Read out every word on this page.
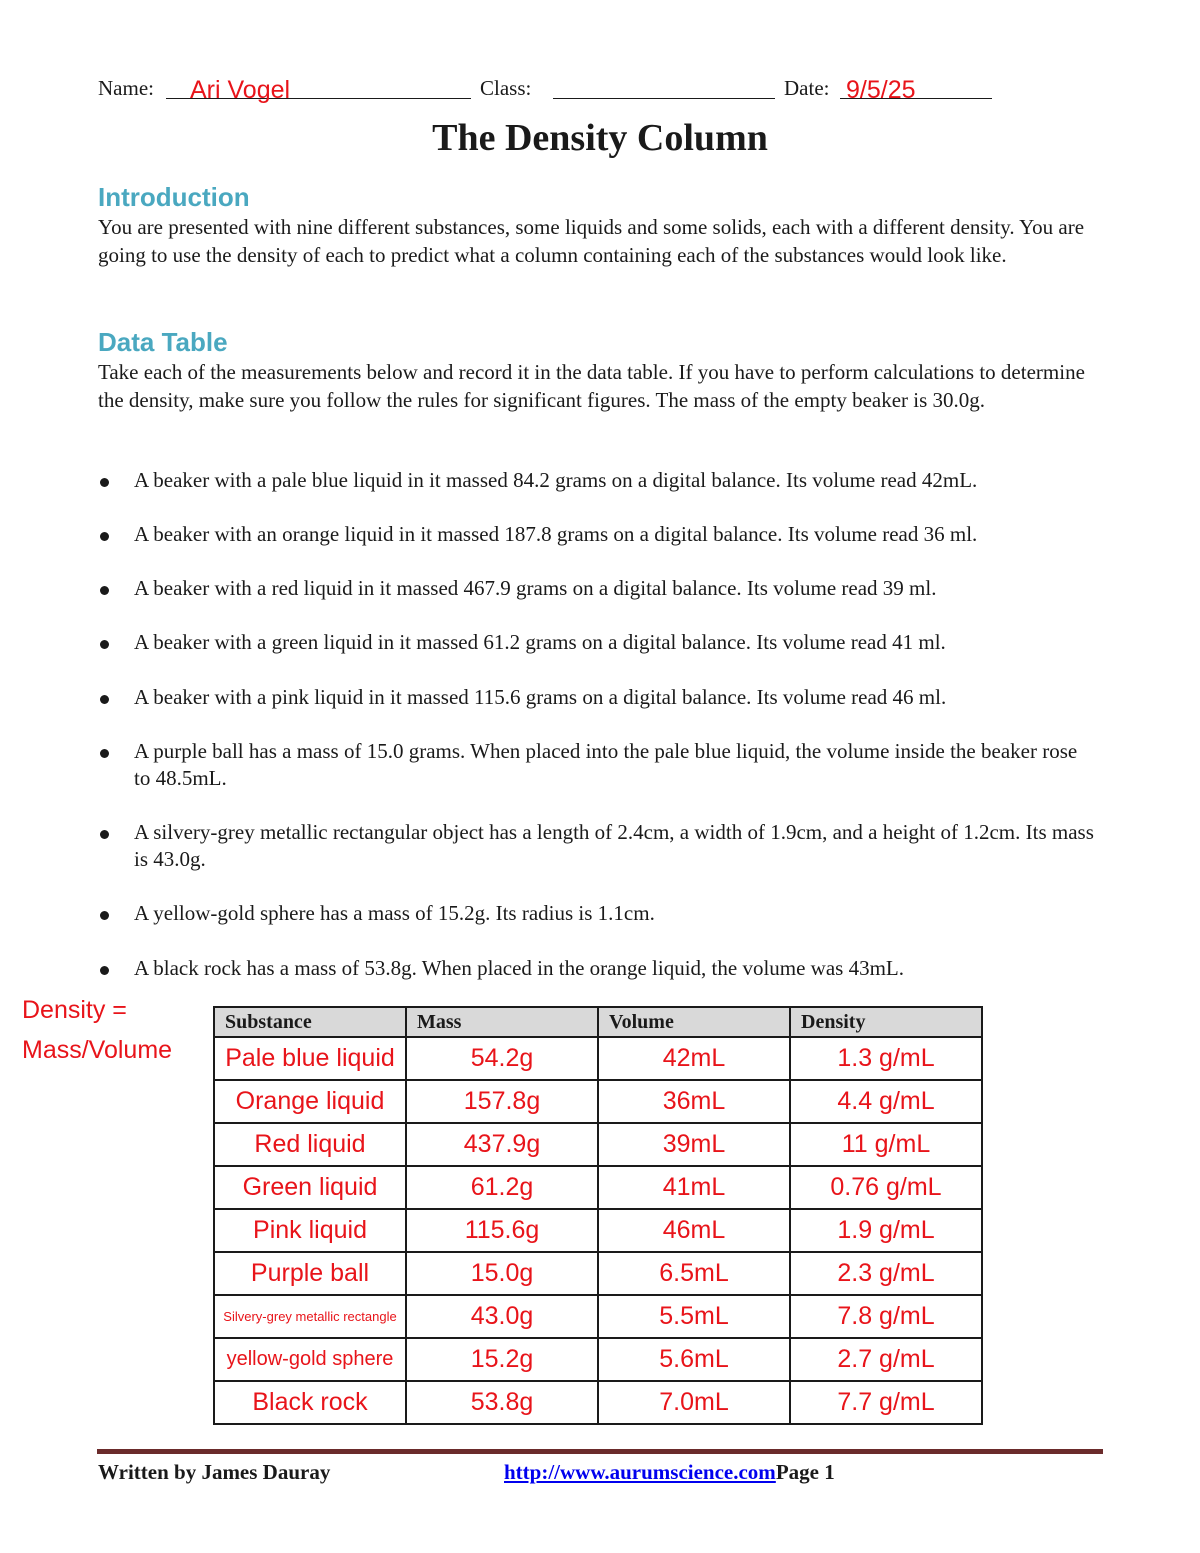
Name: Ari Vogel	Class:	Date: 9/5/25
The Density Column
Introduction

You are presented with nine different substances, some liquids and some solids, each with a different density. You are going to use the density of each to predict what a column containing each of the substances would look like.

Data Table

Take each of the measurements below and record it in the data table. If you have to perform calculations to determine the density, make sure you follow the rules for significant figures. The mass of the empty beaker is 30.0g.

A beaker with a pale blue liquid in it massed 84.2 grams on a digital balance. Its volume read 42mL.
A beaker with an orange liquid in it massed 187.8 grams on a digital balance. Its volume read 36 ml.
A beaker with a red liquid in it massed 467.9 grams on a digital balance. Its volume read 39 ml.
A beaker with a green liquid in it massed 61.2 grams on a digital balance. Its volume read 41 ml.
A beaker with a pink liquid in it massed 115.6 grams on a digital balance. Its volume read 46 ml.
A purple ball has a mass of 15.0 grams. When placed into the pale blue liquid, the volume inside the beaker rose to 48.5mL.
A silvery-grey metallic rectangular object has a length of 2.4cm, a width of 1.9cm, and a height of 1.2cm. Its mass is 43.0g.
A yellow-gold sphere has a mass of 15.2g. Its radius is 1.1cm.
A black rock has a mass of 53.8g. When placed in the orange liquid, the volume was 43mL.
Density =
Mass/Volume
Substance	Mass	Volume	Density
Pale blue liquid	54.2g	42mL	1.3 g/mL
Orange liquid	157.8g	36mL	4.4 g/mL
Red liquid	437.9g	39mL	11 g/mL
Green liquid	61.2g	41mL	0.76 g/mL
Pink liquid	115.6g	46mL	1.9 g/mL
Purple ball	15.0g	6.5mL	2.3 g/mL
Silvery-grey metallic rectangle	43.0g	5.5mL	7.8 g/mL
yellow-gold sphere	15.2g	5.6mL	2.7 g/mL
Black rock	53.8g	7.0mL	7.7 g/mL
Written by James Dauray	http://www.aurumscience.comPage 1
